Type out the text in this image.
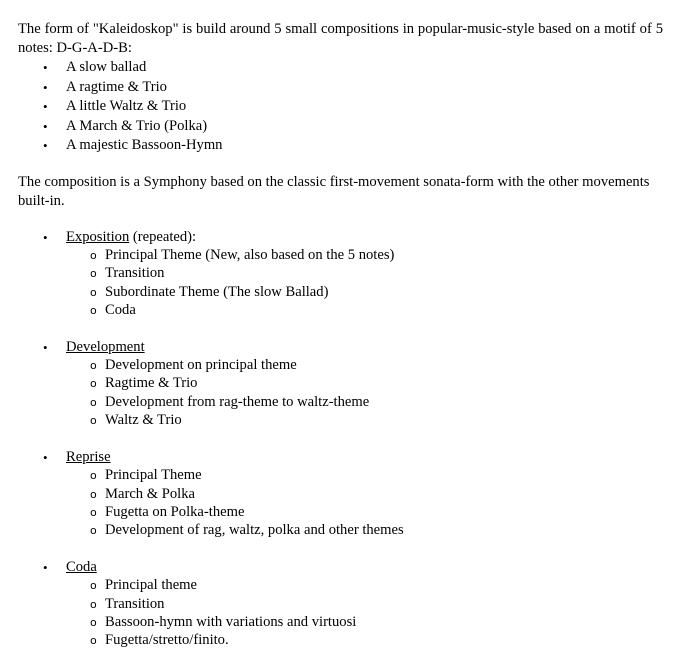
The form of "Kaleidoskop" is build around 5 small compositions in popular-music-style based on a motif of 5 notes: D-G-A-D-B:

• A slow ballad
• A ragtime & Trio
• A little Waltz & Trio
• A March & Trio (Polka)
• A majestic Bassoon-Hymn

The composition is a Symphony based on the classic first-movement sonata-form with the other movements built-in.

• Exposition (repeated):
o Principal Theme (New, also based on the 5 notes)
o Transition
o Subordinate Theme (The slow Ballad)
o Coda
• Development
o Development on principal theme
o Ragtime & Trio
o Development from rag-theme to waltz-theme
o Waltz & Trio
• Reprise
o Principal Theme
o March & Polka
o Fugetta on Polka-theme
o Development of rag, waltz, polka and other themes
• Coda
o Principal theme
o Transition
o Bassoon-hymn with variations and virtuosi
o Fugetta/stretto/finito.
